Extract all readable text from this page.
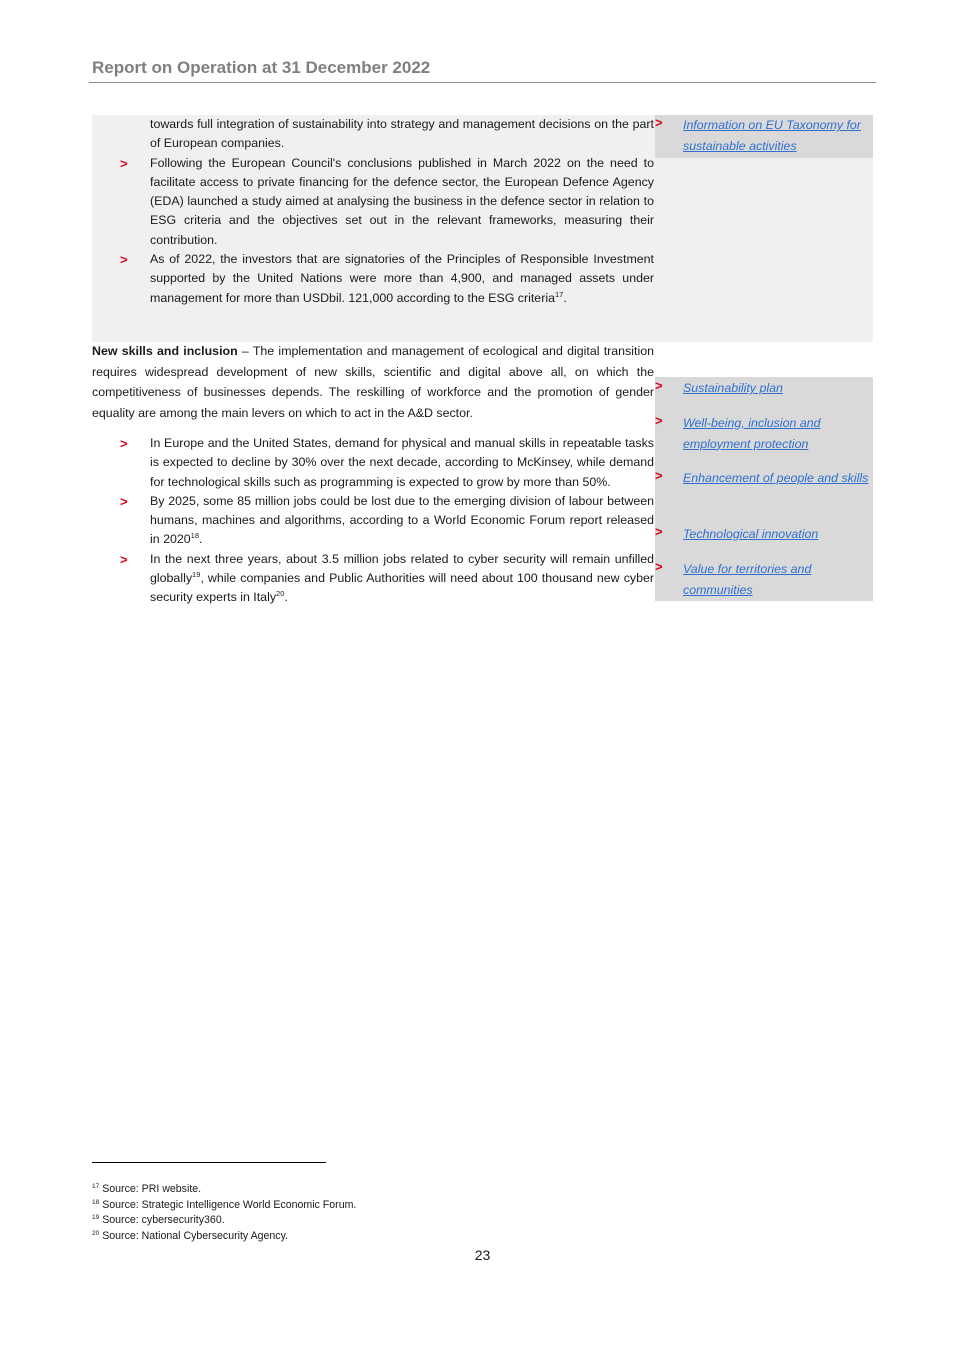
Report on Operation at 31 December 2022
towards full integration of sustainability into strategy and management decisions on the part of European companies.
> Following the European Council's conclusions published in March 2022 on the need to facilitate access to private financing for the defence sector, the European Defence Agency (EDA) launched a study aimed at analysing the business in the defence sector in relation to ESG criteria and the objectives set out in the relevant frameworks, measuring their contribution.
> As of 2022, the investors that are signatories of the Principles of Responsible Investment supported by the United Nations were more than 4,900, and managed assets under management for more than USDbil. 121,000 according to the ESG criteria$^{17}$.
New skills and inclusion – The implementation and management of ecological and digital transition requires widespread development of new skills, scientific and digital above all, on which the competitiveness of businesses depends. The reskilling of workforce and the promotion of gender equality are among the main levers on which to act in the A&D sector.
> In Europe and the United States, demand for physical and manual skills in repeatable tasks is expected to decline by 30% over the next decade, according to McKinsey, while demand for technological skills such as programming is expected to grow by more than 50%.
> By 2025, some 85 million jobs could be lost due to the emerging division of labour between humans, machines and algorithms, according to a World Economic Forum report released in $2020^{18}$.
> In the next three years, about 3.5 million jobs related to cyber security will remain unfilled globally$^{19}$, while companies and Public Authorities will need about 100 thousand new cyber security experts in Italy$^{20}$.
> Information on EU Taxonomy for sustainable activities
> Sustainability plan
> Well-being, inclusion and employment protection
> Enhancement of people and skills
> Technological innovation
> Value for territories and communities
$^{17}$ Source: PRI website.
$^{18}$ Source: Strategic Intelligence World Economic Forum.
$^{19}$ Source: cybersecurity360.
$^{20}$ Source: National Cybersecurity Agency.
23
